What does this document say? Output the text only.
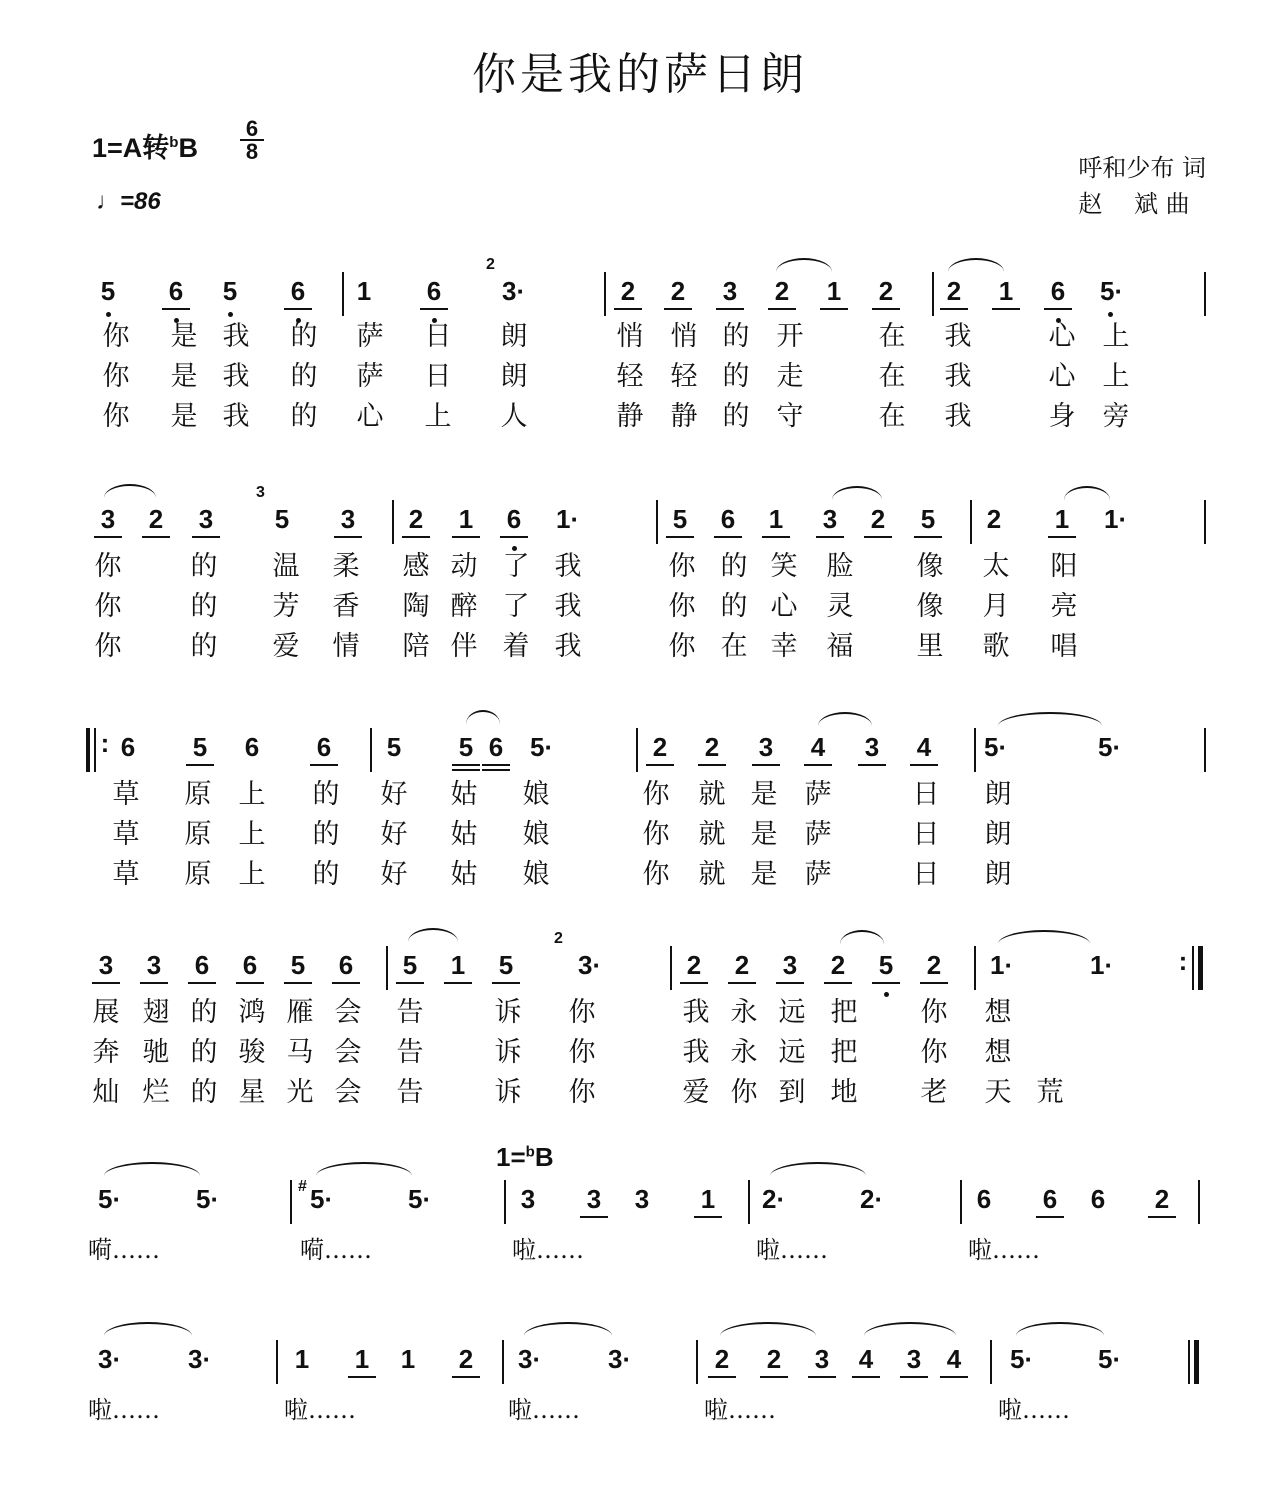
你是我的萨日朗
1=A转$^b$B
6
8
♩=86
呼和少布 词
赵　 斌 曲
5 6 5 6 1 6 3·	2 2 3 2 1 2 2 1 6 5·
2
你 是 我 的 萨 日 朗	悄 悄 的 开	在 我	心 上
你 是 我 的 萨 日 朗	轻 轻 的 走	在 我	心 上
你 是 我 的 心 上 人	静 静 的 守	在 我	身 旁
3 2 3 5 3 2 1 6 1·	5 6 1 3 2 5 2 1 1·
3
你	的 温 柔 感 动 了 我	你 的 笑 脸 像 太 阳
你	的 芳 香 陶 醉 了 我	你 的 心 灵 像 月 亮
你	的 爱 情 陪 伴 着 我	你 在 幸 福 里 歌 唱
6 5 6 6 5 5 6 5·	2 2 3 4 3 4 5·	5·
:
草 原 上 的 好 姑 娘	你 就 是 萨	日 朗
草 原 上 的 好 姑 娘	你 就 是 萨	日 朗
草 原 上 的 好 姑 娘	你 就 是 萨	日 朗
3 3 6 6 5 6 5 1 5 3·	2 2 3 2 5 2 1·	1·
2
:
展 翅 的 鸿 雁 会 告	诉 你	我 永 远 把 你 想
奔 驰 的 骏 马 会 告	诉 你	我 永 远 把 你 想
灿 烂 的 星 光 会 告	诉 你	爱 你 到 地 老 天 荒
1=$^b$B
5·	5·	5·	5·	3 3 3 1 2·	2·	6 6 6 2
#
嗬……	嗬……	啦……	啦……	啦……
3·	3·	1 1 1 2 3·	3·	2 2 3 4 3 4 5· 5·
啦……	啦……	啦……	啦……	啦……
